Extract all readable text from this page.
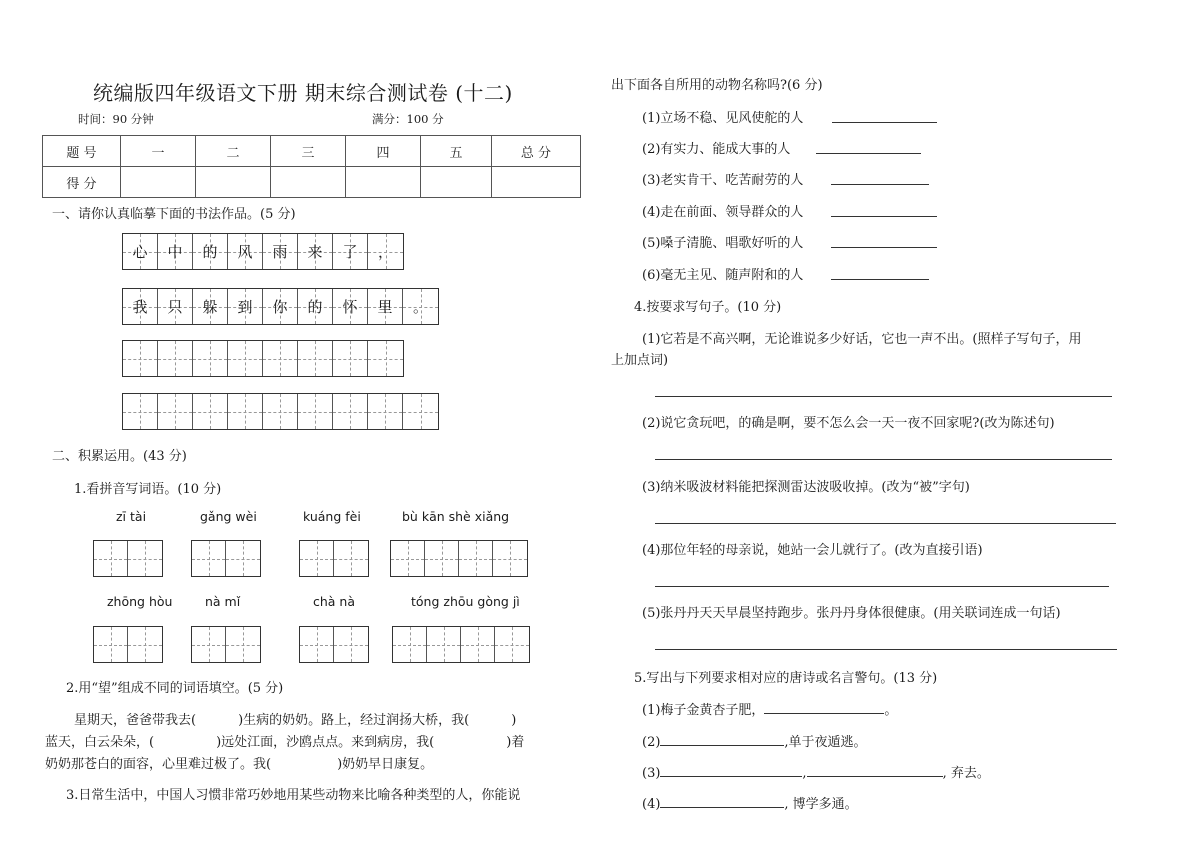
统编版四年级语文下册 期末综合测试卷 (十二)
时间：90 分钟	满分：100 分
题 号	一	二	三	四	五	总 分
得 分						
一、请你认真临摹下面的书法作品。(5 分)
心 中 的 风 雨 来 了 ，
我 只 躲 到 你 的 怀 里 。
二、积累运用。(43 分)
1.看拼音写词语。(10 分)
zī tài	gǎng wèi	kuáng fèi	bù kān shè xiǎng
zhōng hòu	nà mǐ	chà nà	tóng zhōu gòng jì
2.用“望”组成不同的词语填空。(5 分)
星期天，爸爸带我去(	)生病的奶奶。路上，经过润扬大桥，我(	)
蓝天，白云朵朵，(	)远处江面，沙鸥点点。来到病房，我(	)着
奶奶那苍白的面容，心里难过极了。我(	)奶奶早日康复。
3.日常生活中，中国人习惯非常巧妙地用某些动物来比喻各种类型的人，你能说
出下面各自所用的动物名称吗?(6 分)
(1)立场不稳、见风使舵的人
(2)有实力、能成大事的人
(3)老实肯干、吃苦耐劳的人
(4)走在前面、领导群众的人
(5)嗓子清脆、唱歌好听的人
(6)毫无主见、随声附和的人
4.按要求写句子。(10 分)
(1)它若是不高兴啊，无论谁说多少好话，它也一声不出。(照样子写句子，用
上加点词)
(2)说它贪玩吧，的确是啊，要不怎么会一天一夜不回家呢?(改为陈述句)
(3)纳米吸波材料能把探测雷达波吸收掉。(改为“被”字句)
(4)那位年轻的母亲说，她站一会儿就行了。(改为直接引语)
(5)张丹丹天天早晨坚持跑步。张丹丹身体很健康。(用关联词连成一句话)
5.写出与下列要求相对应的唐诗或名言警句。(13 分)
(1)梅子金黄杏子肥，	。
(2)	,单于夜遁逃。
(3)	,	, 弃去。
(4)	, 博学多通。
